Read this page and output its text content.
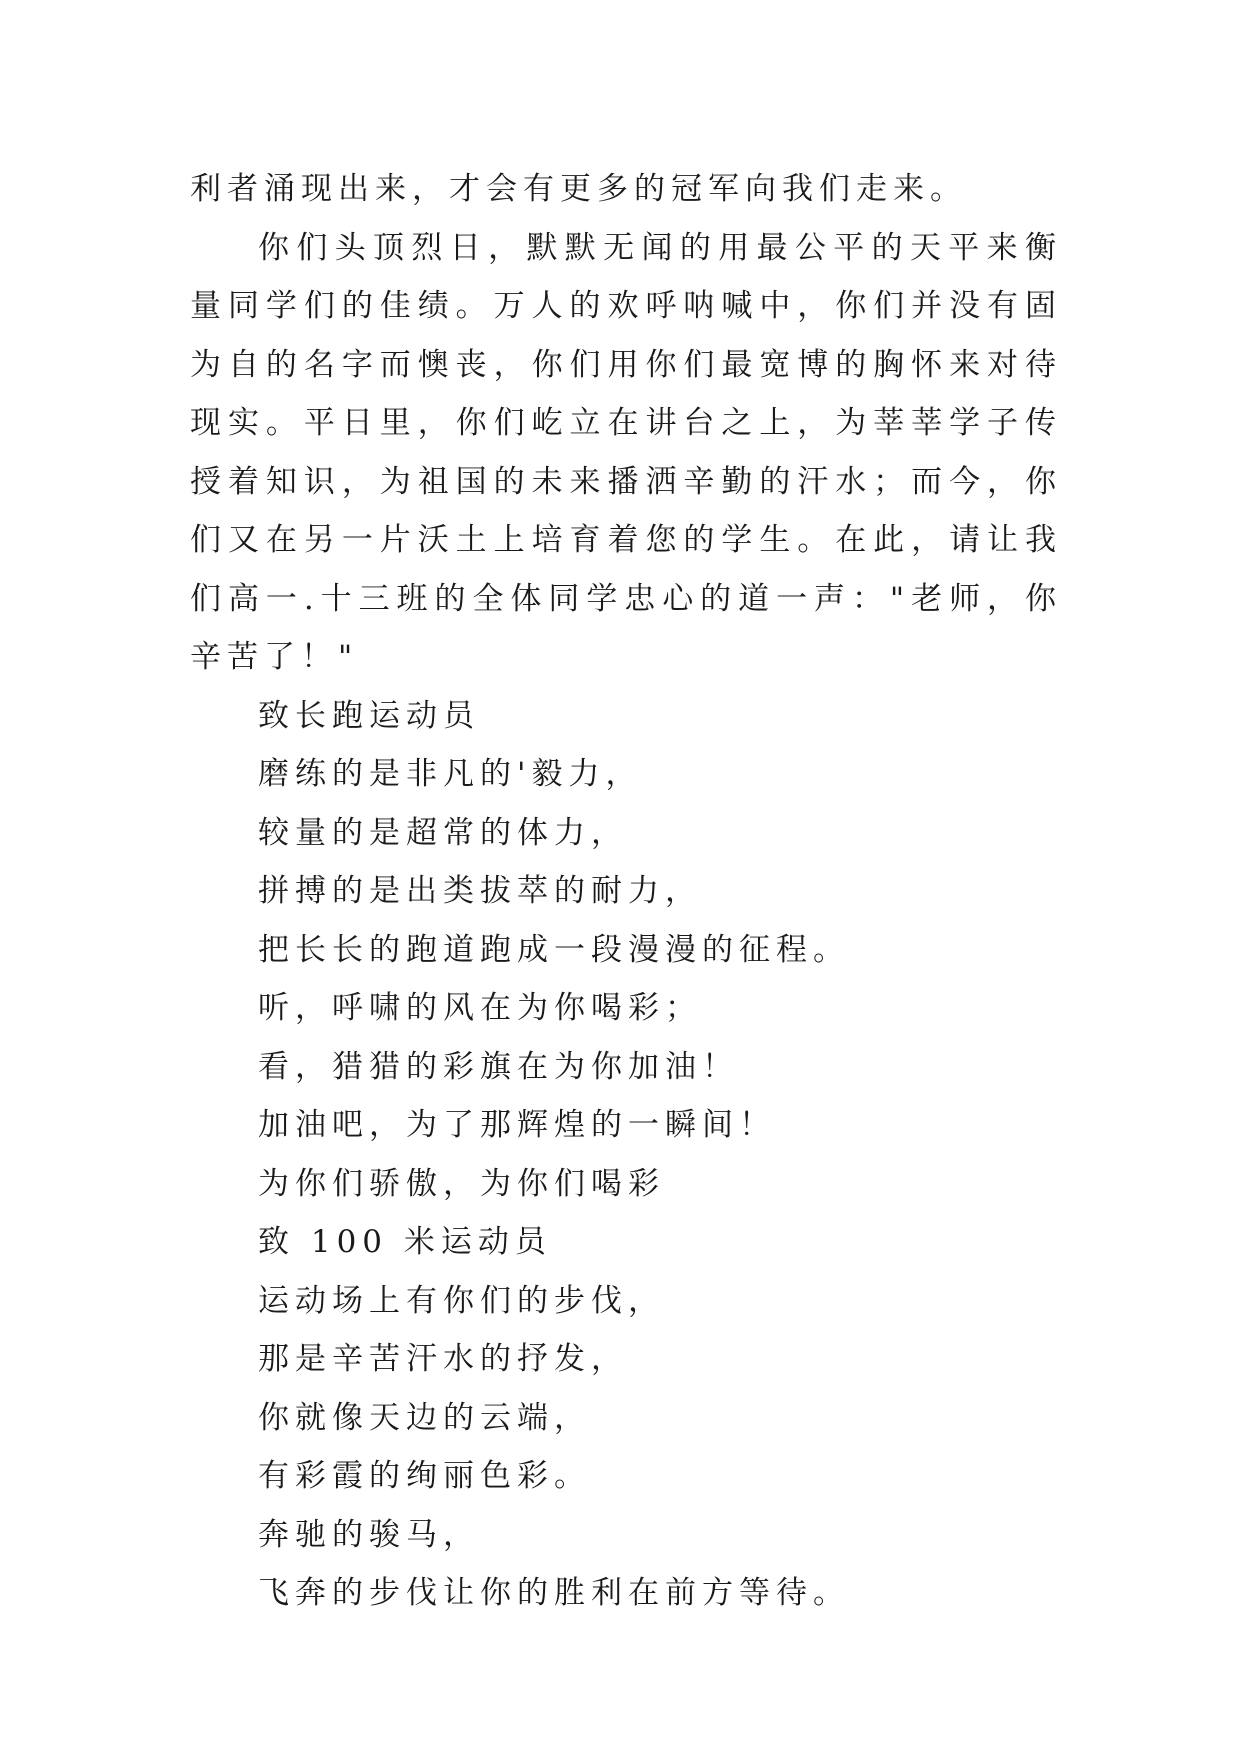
利者涌现出来，才会有更多的冠军向我们走来。

你们头顶烈日，默默无闻的用最公平的天平来衡量同学们的佳绩。万人的欢呼呐喊中，你们并没有固为自的名字而懊丧，你们用你们最宽博的胸怀来对待现实。平日里，你们屹立在讲台之上，为莘莘学子传授着知识，为祖国的未来播洒辛勤的汗水；而今，你们又在另一片沃土上培育着您的学生。在此，请让我们高一.十三班的全体同学忠心的道一声："老师，你辛苦了！"

致长跑运动员

磨练的是非凡的'毅力，

较量的是超常的体力，

拼搏的是出类拔萃的耐力，

把长长的跑道跑成一段漫漫的征程。

听，呼啸的风在为你喝彩；

看，猎猎的彩旗在为你加油！

加油吧，为了那辉煌的一瞬间！

为你们骄傲，为你们喝彩

致 100 米运动员

运动场上有你们的步伐，

那是辛苦汗水的抒发，

你就像天边的云端，

有彩霞的绚丽色彩。

奔驰的骏马，

飞奔的步伐让你的胜利在前方等待。
